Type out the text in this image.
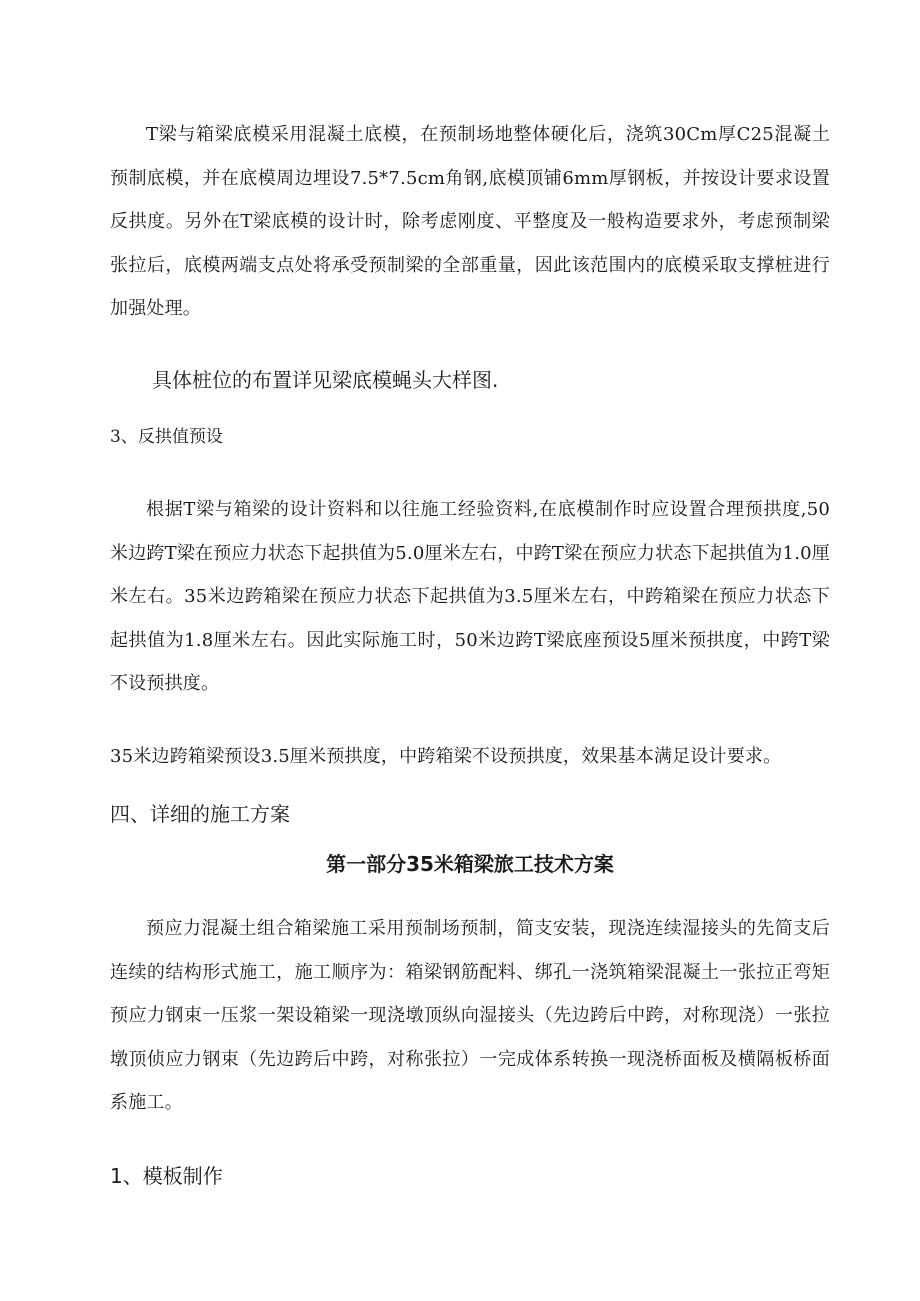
T梁与箱梁底模采用混凝土底模，在预制场地整体硬化后，浇筑30Cm厚C25混凝土预制底模，并在底模周边埋设7.5*7.5cm角钢,底模顶铺6mm厚钢板，并按设计要求设置反拱度。另外在T梁底模的设计时，除考虑刚度、平整度及一般构造要求外，考虑预制梁张拉后，底模两端支点处将承受预制梁的全部重量，因此该范围内的底模采取支撑桩进行加强处理。

具体桩位的布置详见梁底模蝇头大样图.
3、反拱值预设

根据T梁与箱梁的设计资料和以往施工经验资料,在底模制作时应设置合理预拱度,50米边跨T梁在预应力状态下起拱值为5.0厘米左右，中跨T梁在预应力状态下起拱值为1.0厘米左右。35米边跨箱梁在预应力状态下起拱值为3.5厘米左右，中跨箱梁在预应力状态下起拱值为1.8厘米左右。因此实际施工时，50米边跨T梁底座预设5厘米预拱度，中跨T梁不设预拱度。

35米边跨箱梁预设3.5厘米预拱度，中跨箱梁不设预拱度，效果基本满足设计要求。

四、详细的施工方案
第一部分35米箱梁旅工技术方案

预应力混凝土组合箱梁施工采用预制场预制，简支安装，现浇连续湿接头的先简支后连续的结构形式施工，施工顺序为：箱梁钢筋配料、绑孔一浇筑箱梁混凝土一张拉正弯矩预应力钢束一压浆一架设箱梁一现浇墩顶纵向湿接头（先边跨后中跨，对称现浇）一张拉墩顶侦应力钢束（先边跨后中跨，对称张拉）一完成体系转换一现浇桥面板及横隔板桥面系施工。

1、模板制作
